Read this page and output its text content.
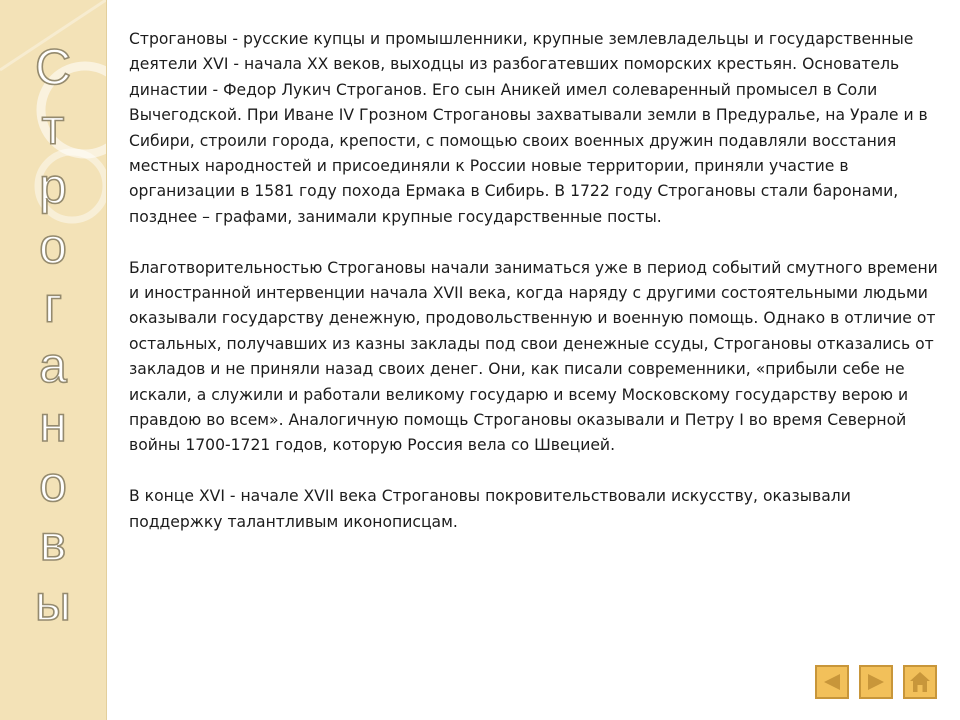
С
т
р
о
г
а
н
о
в
ы

Строгановы - русские купцы и промышленники, крупные землевладельцы и государственные деятели XVI - начала XX веков, выходцы из разбогатевших поморских крестьян. Основатель династии - Федор Лукич Строганов. Его сын Аникей имел солеваренный промысел в Соли Вычегодской. При Иване IV Грозном Строгановы захватывали земли в Предуралье, на Урале и в Сибири, строили города, крепости, с помощью своих военных дружин подавляли восстания местных народностей и присоединяли к России новые территории, приняли участие в организации в 1581 году похода Ермака в Сибирь. В 1722 году Строгановы стали баронами, позднее – графами, занимали крупные государственные посты.

Благотворительностью Строгановы начали заниматься уже в период событий смутного времени и иностранной интервенции начала XVII века, когда наряду с другими состоятельными людьми оказывали государству денежную, продовольственную и военную помощь. Однако в отличие от остальных, получавших из казны заклады под свои денежные ссуды, Строгановы отказались от закладов и не приняли назад своих денег. Они, как писали современники, «прибыли себе не искали, а служили и работали великому государю и всему Московскому государству верою и правдою во всем». Аналогичную помощь Строгановы оказывали и Петру I во время Северной войны 1700-1721 годов, которую Россия вела со Швецией.

В конце XVI - начале XVII века Строгановы покровительствовали искусству, оказывали поддержку талантливым иконописцам.
